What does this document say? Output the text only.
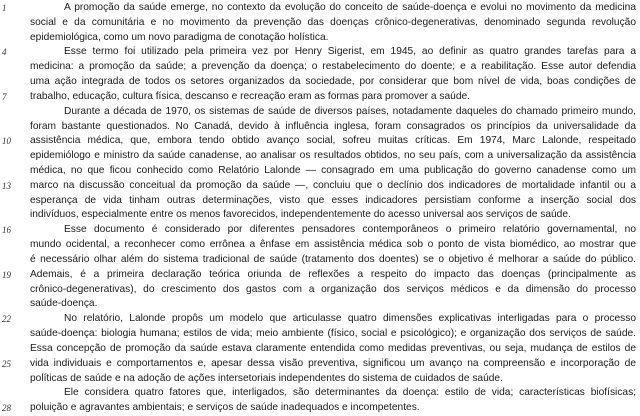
1	A promoção da saúde emerge, no contexto da evolução do conceito de saúde-doença e evolui no movimento da medicina
social e da comunitária e no movimento da prevenção das doenças crônico-degenerativas, denominado segunda revolução
epidemiológica, como um novo paradigma de conotação holística.
4	Esse termo foi utilizado pela primeira vez por Henry Sigerist, em 1945, ao definir as quatro grandes tarefas para a
medicina: a promoção da saúde; a prevenção da doença; o restabelecimento do doente; e a reabilitação. Esse autor defendia
uma ação integrada de todos os setores organizados da sociedade, por considerar que bom nível de vida, boas condições de
7	trabalho, educação, cultura física, descanso e recreação eram as formas para promover a saúde.
Durante a década de 1970, os sistemas de saúde de diversos países, notadamente daqueles do chamado primeiro mundo,
foram bastante questionados. No Canadá, devido à influência inglesa, foram consagrados os princípios da universalidade da
10	assistência médica, que, embora tendo obtido avanço social, sofreu muitas críticas. Em 1974, Marc Lalonde, respeitado
epidemiólogo e ministro da saúde canadense, ao analisar os resultados obtidos, no seu país, com a universalização da assistência
médica, no que ficou conhecido como Relatório Lalonde — consagrado em uma publicação do governo canadense como um
13	marco na discussão conceitual da promoção da saúde —, concluiu que o declínio dos indicadores de mortalidade infantil ou a
esperança de vida tinham outras determinações, visto que esses indicadores persistiam conforme a inserção social dos
indivíduos, especialmente entre os menos favorecidos, independentemente do acesso universal aos serviços de saúde.
16	Esse documento é considerado por diferentes pensadores contemporâneos o primeiro relatório governamental, no
mundo ocidental, a reconhecer como errônea a ênfase em assistência médica sob o ponto de vista biomédico, ao mostrar que
é necessário olhar além do sistema tradicional de saúde (tratamento dos doentes) se o objetivo é melhorar a saúde do público.
19	Ademais, é a primeira declaração teórica oriunda de reflexões a respeito do impacto das doenças (principalmente as
crônico-degenerativas), do crescimento dos gastos com a organização dos serviços médicos e da dimensão do processo
saúde-doença.
22	No relatório, Lalonde propôs um modelo que articulasse quatro dimensões explicativas interligadas para o processo
saúde-doença: biologia humana; estilos de vida; meio ambiente (físico, social e psicológico); e organização dos serviços de saúde.
Essa concepção de promoção da saúde estava claramente entendida como medidas preventivas, ou seja, mudança de estilos de
25	vida individuais e comportamentos e, apesar dessa visão preventiva, significou um avanço na compreensão e incorporação de
políticas de saúde e na adoção de ações intersetoriais independentes do sistema de cuidados de saúde.
Ele considera quatro fatores que, interligados, são determinantes da doença: estilo de vida; características biofísicas;
28	poluição e agravantes ambientais; e serviços de saúde inadequados e incompetentes.
